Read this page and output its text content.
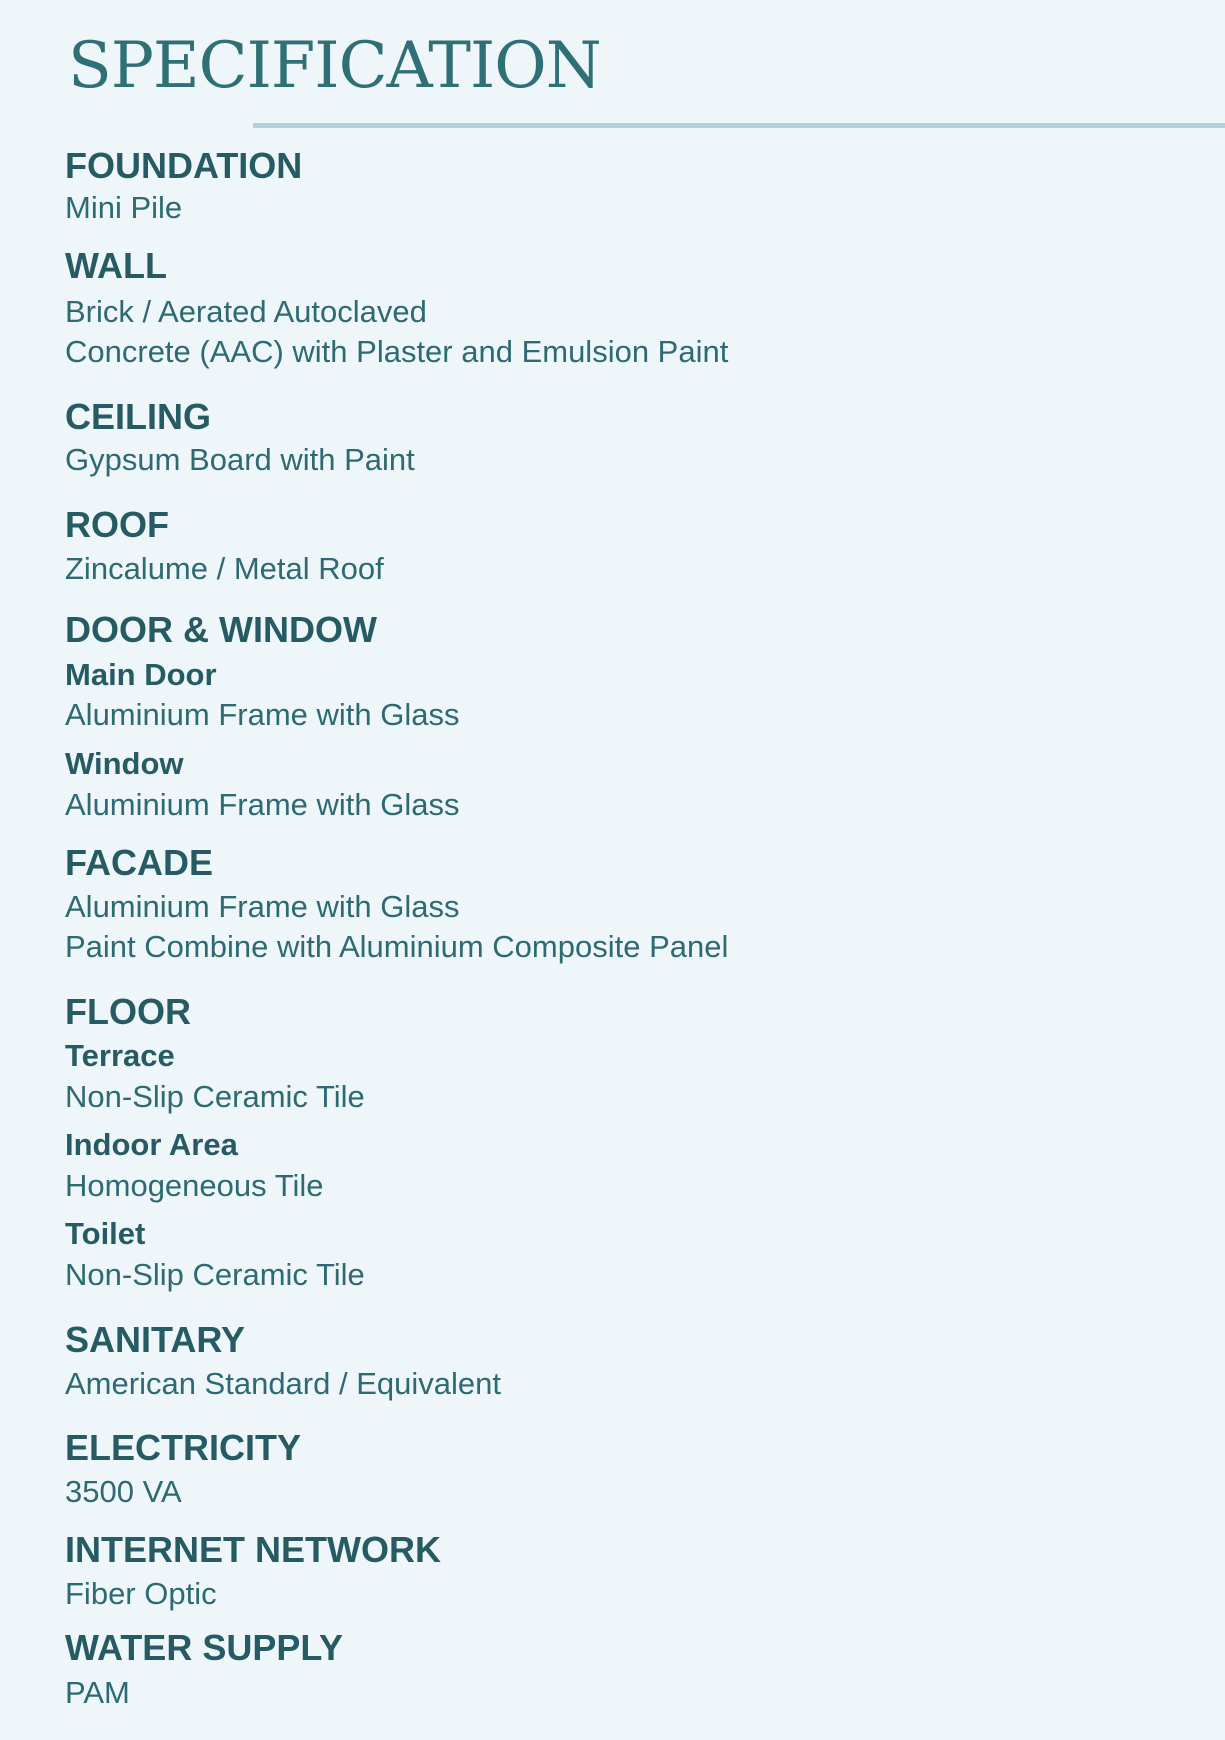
SPECIFICATION
FOUNDATION
Mini Pile
WALL
Brick / Aerated Autoclaved
Concrete (AAC) with Plaster and Emulsion Paint
CEILING
Gypsum Board with Paint
ROOF
Zincalume / Metal Roof
DOOR & WINDOW
Main Door
Aluminium Frame with Glass
Window
Aluminium Frame with Glass
FACADE
Aluminium Frame with Glass
Paint Combine with Aluminium Composite Panel
FLOOR
Terrace
Non-Slip Ceramic Tile
Indoor Area
Homogeneous Tile
Toilet
Non-Slip Ceramic Tile
SANITARY
American Standard / Equivalent
ELECTRICITY
3500 VA
INTERNET NETWORK
Fiber Optic
WATER SUPPLY
PAM
